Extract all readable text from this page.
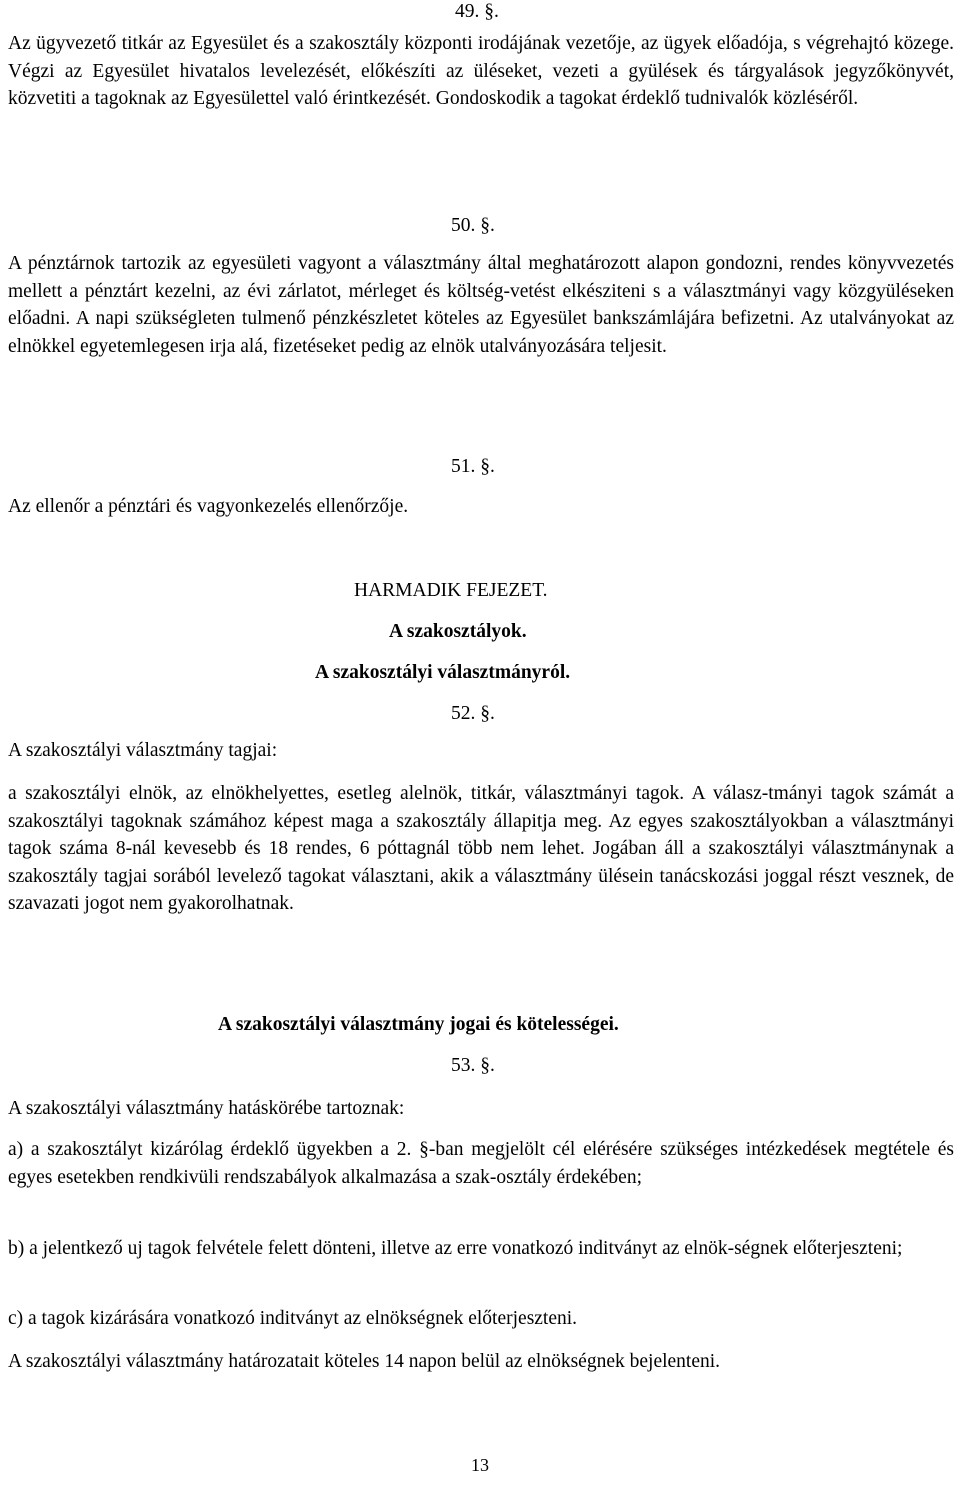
49. §.

Az ügyvezető titkár az Egyesület és a szakosztály központi irodájának vezetője, az ügyek előadója, s végrehajtó közege. Végzi az Egyesület hivatalos levelezését, előkészíti az üléseket, vezeti a gyülések és tárgyalások jegyzőkönyvét, közvetiti a tagoknak az Egyesülettel való érintkezését. Gondoskodik a tagokat érdeklő tudnivalók közléséről.

50. §.

A pénztárnok tartozik az egyesületi vagyont a választmány által meghatározott alapon gondozni, rendes könyvvezetés mellett a pénztárt kezelni, az évi zárlatot, mérleget és költség-vetést elkésziteni s a választmányi vagy közgyüléseken előadni. A napi szükségleten tulmenő pénzkészletet köteles az Egyesület bankszámlájára befizetni. Az utalványokat az elnökkel egyetemlegesen irja alá, fizetéseket pedig az elnök utalványozására teljesit.

51. §.

Az ellenőr a pénztári és vagyonkezelés ellenőrzője.

HARMADIK FEJEZET.
A szakosztályok.
A szakosztályi választmányról.
52. §.
A szakosztályi választmány tagjai:

a szakosztályi elnök, az elnökhelyettes, esetleg alelnök, titkár, választmányi tagok. A válasz-tmányi tagok számát a szakosztályi tagoknak számához képest maga a szakosztály állapitja meg. Az egyes szakosztályokban a választmányi tagok száma 8-nál kevesebb és 18 rendes, 6 póttagnál több nem lehet. Jogában áll a szakosztályi választmánynak a szakosztály tagjai sorából levelező tagokat választani, akik a választmány ülésein tanácskozási joggal részt vesznek, de szavazati jogot nem gyakorolhatnak.

A szakosztályi választmány jogai és kötelességei.
53. §.
A szakosztályi választmány hatáskörébe tartoznak:

a) a szakosztályt kizárólag érdeklő ügyekben a 2. §-ban megjelölt cél elérésére szükséges intézkedések megtétele és egyes esetekben rendkivüli rendszabályok alkalmazása a szak-osztály érdekében;

b) a jelentkező uj tagok felvétele felett dönteni, illetve az erre vonatkozó inditványt az elnök-ségnek előterjeszteni;

c) a tagok kizárására vonatkozó inditványt az elnökségnek előterjeszteni.

A szakosztályi választmány határozatait köteles 14 napon belül az elnökségnek bejelenteni.

13
